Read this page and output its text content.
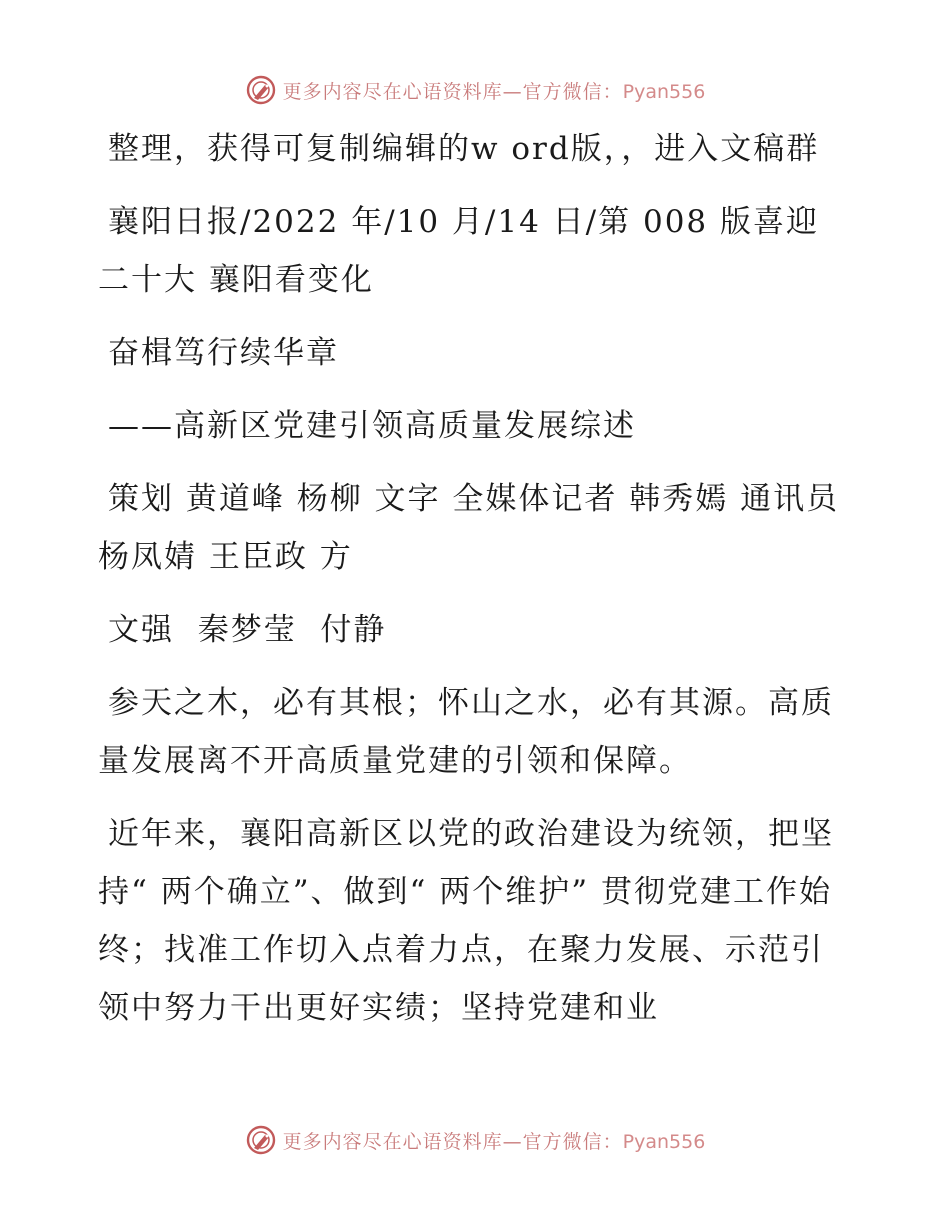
更多内容尽在心语资料库—官方微信：Pyan556

整理，获得可复制编辑的w ord版，，进入文稿群

襄阳日报/2022 年/10 月/14 日/第 008 版喜迎二十大 襄阳看变化

奋楫笃行续华章

——高新区党建引领高质量发展综述

策划 黄道峰 杨柳 文字 全媒体记者 韩秀嫣 通讯员 杨凤婧 王臣政 方

文强  秦梦莹  付静

参天之木，必有其根；怀山之水，必有其源。高质量发展离不开高质量党建的引领和保障。

近年来，襄阳高新区以党的政治建设为统领，把坚持“ 两个确立”、做到“ 两个维护” 贯彻党建工作始终；找准工作切入点着力点，在聚力发展、示范引领中努力干出更好实绩；坚持党建和业

更多内容尽在心语资料库—官方微信：Pyan556
